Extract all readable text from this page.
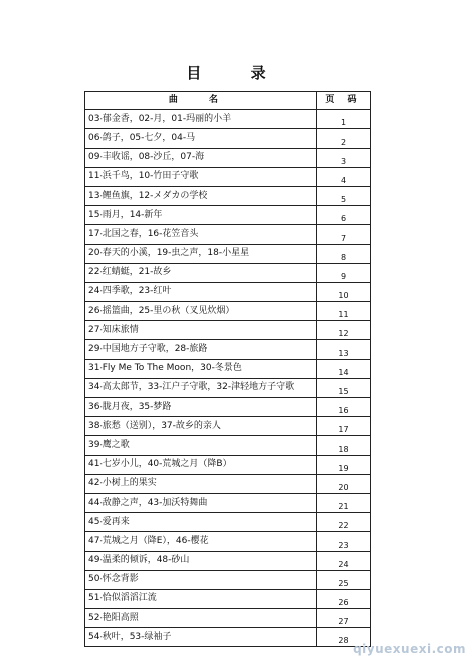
目 录
曲 名	页 码
03-郁金香，02-月，01-玛丽的小羊	1
06-鸽子，05-七夕，04-马	2
09-丰收谣，08-沙丘，07-海	3
11-浜千鸟，10-竹田子守歌	4
13-鲤鱼旗，12-メダカの学校	5
15-雨月，14-新年	6
17-北国之春，16-花笠音头	7
20-春天的小溪，19-虫之声，18-小星星	8
22-红蜻蜓，21-故乡	9
24-四季歌，23-红叶	10
26-摇篮曲，25-里の秋（叉见炊烟）	11
27-知床旅情	12
29-中国地方子守歌，28-旅路	13
31-Fly Me To The Moon，30-冬景色	14
34-高太郎节，33-江户子守歌，32-津轻地方子守歌	15
36-胧月夜，35-梦路	16
38-旅愁（送别），37-故乡的亲人	17
39-鹰之歌	18
41-七岁小儿，40-荒城之月（降B）	19
42-小树上的果实	20
44-敌静之声，43-加沃特舞曲	21
45-爱再来	22
47-荒城之月（降E），46-樱花	23
49-温柔的倾诉，48-砂山	24
50-怀念背影	25
51-恰似滔滔江流	26
52-艳阳高照	27
54-秋叶，53-绿袖子	28
qiyuexuexi.com
